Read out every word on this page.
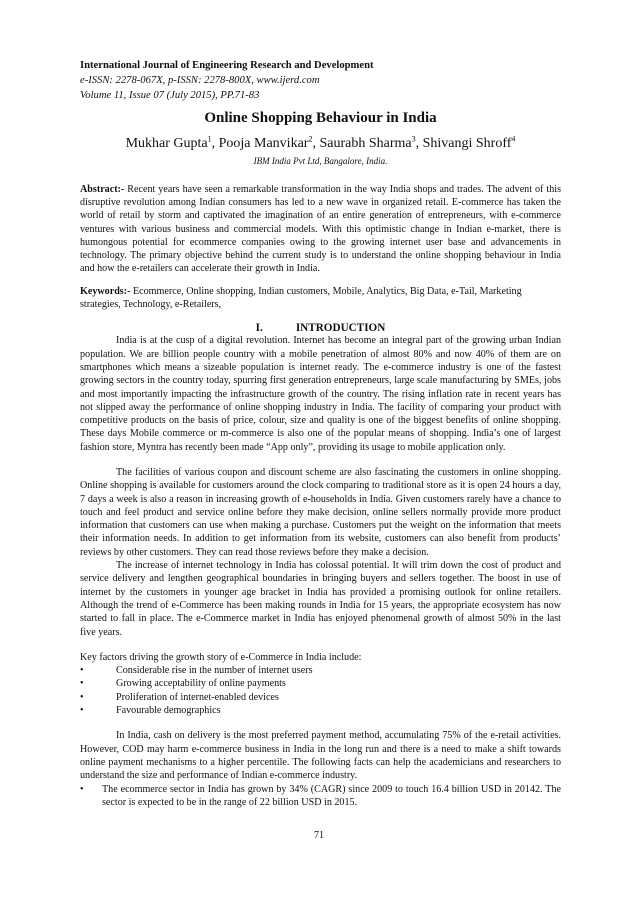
International Journal of Engineering Research and Development
e-ISSN: 2278-067X, p-ISSN: 2278-800X, www.ijerd.com
Volume 11, Issue 07 (July 2015), PP.71-83
Online Shopping Behaviour in India
Mukhar Gupta$^1$, Pooja Manvikar$^2$, Saurabh Sharma$^3$, Shivangi Shroff$^4$
IBM India Pvt Ltd, Bangalore, India.
Abstract:- Recent years have seen a remarkable transformation in the way India shops and trades. The advent of this disruptive revolution among Indian consumers has led to a new wave in organized retail. E-commerce has taken the world of retail by storm and captivated the imagination of an entire generation of entrepreneurs, with e-commerce ventures with various business and commercial models. With this optimistic change in Indian e-market, there is humongous potential for ecommerce companies owing to the growing internet user base and advancements in technology. The primary objective behind the current study is to understand the online shopping behaviour in India and how the e-retailers can accelerate their growth in India.
Keywords:- Ecommerce, Online shopping, Indian customers, Mobile, Analytics, Big Data, e-Tail, Marketing strategies, Technology, e-Retailers,
I.	INTRODUCTION

India is at the cusp of a digital revolution. Internet has become an integral part of the growing urban Indian population. We are billion people country with a mobile penetration of almost 80% and now 40% of them are on smartphones which means a sizeable population is internet ready. The e-commerce industry is one of the fastest growing sectors in the country today, spurring first generation entrepreneurs, large scale manufacturing by SMEs, jobs and most importantly impacting the infrastructure growth of the country. The rising inflation rate in recent years has not slipped away the performance of online shopping industry in India. The facility of comparing your product with competitive products on the basis of price, colour, size and quality is one of the biggest benefits of online shopping. These days Mobile commerce or m-commerce is also one of the popular means of shopping. India’s one of largest fashion store, Myntra has recently been made “App only”, providing its usage to mobile application only.

The facilities of various coupon and discount scheme are also fascinating the customers in online shopping. Online shopping is available for customers around the clock comparing to traditional store as it is open 24 hours a day, 7 days a week is also a reason in increasing growth of e-households in India. Given customers rarely have a chance to touch and feel product and service online before they make decision, online sellers normally provide more product information that customers can use when making a purchase. Customers put the weight on the information that meets their information needs. In addition to get information from its website, customers can also benefit from products’ reviews by other customers. They can read those reviews before they make a decision.

The increase of internet technology in India has colossal potential. It will trim down the cost of product and service delivery and lengthen geographical boundaries in bringing buyers and sellers together. The boost in use of internet by the customers in younger age bracket in India has provided a promising outlook for online retailers. Although the trend of e-Commerce has been making rounds in India for 15 years, the appropriate ecosystem has now started to fall in place. The e-Commerce market in India has enjoyed phenomenal growth of almost 50% in the last five years.

Key factors driving the growth story of e-Commerce in India include:
•	Considerable rise in the number of internet users
•	Growing acceptability of online payments
•	Proliferation of internet-enabled devices
•	Favourable demographics

In India, cash on delivery is the most preferred payment method, accumulating 75% of the e-retail activities. However, COD may harm e-commerce business in India in the long run and there is a need to make a shift towards online payment mechanisms to a higher percentile. The following facts can help the academicians and researchers to understand the size and performance of Indian e-commerce industry.

• The ecommerce sector in India has grown by 34% (CAGR) since 2009 to touch 16.4 billion USD in 20142. The sector is expected to be in the range of 22 billion USD in 2015.
71
